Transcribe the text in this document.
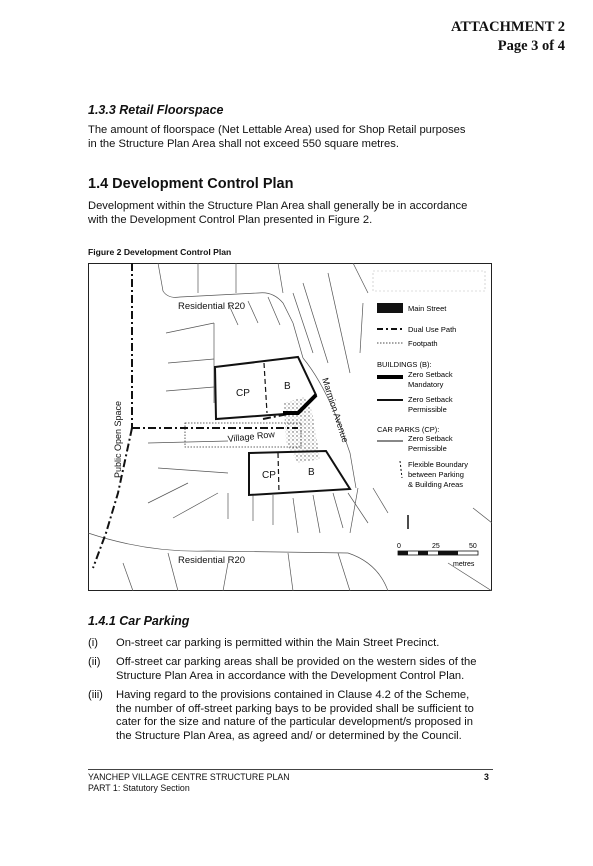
ATTACHMENT 2
Page 3 of 4
1.3.3 Retail Floorspace
The amount of floorspace (Net Lettable Area) used for Shop Retail purposes
in the Structure Plan Area shall not exceed 550 square metres.
1.4 Development Control Plan
Development within the Structure Plan Area shall generally be in accordance
with the Development Control Plan presented in Figure 2.
Figure 2 Development Control Plan
Residential R20
Residential R20
Public Open Space	Village Row	Marmion Avenue
CP
B
CP	B
Main Street
Dual Use Path
Footpath
BUILDINGS (B):
Zero Setback
Mandatory
Zero Setback
Permissible
CAR PARKS (CP):
Zero Setback
Permissible
Flexible Boundary
between Parking
& Building Areas
0	25	50
metres
1.4.1 Car Parking
(i) On-street car parking is permitted within the Main Street Precinct.
(ii) Off-street car parking areas shall be provided on the western sides of the
Structure Plan Area in accordance with the Development Control Plan.
(iii) Having regard to the provisions contained in Clause 4.2 of the Scheme,
the number of off-street parking bays to be provided shall be sufficient to
cater for the size and nature of the particular development/s proposed in
the Structure Plan Area, as agreed and/ or determined by the Council.
YANCHEP VILLAGE CENTRE STRUCTURE PLAN
PART 1: Statutory Section
3
